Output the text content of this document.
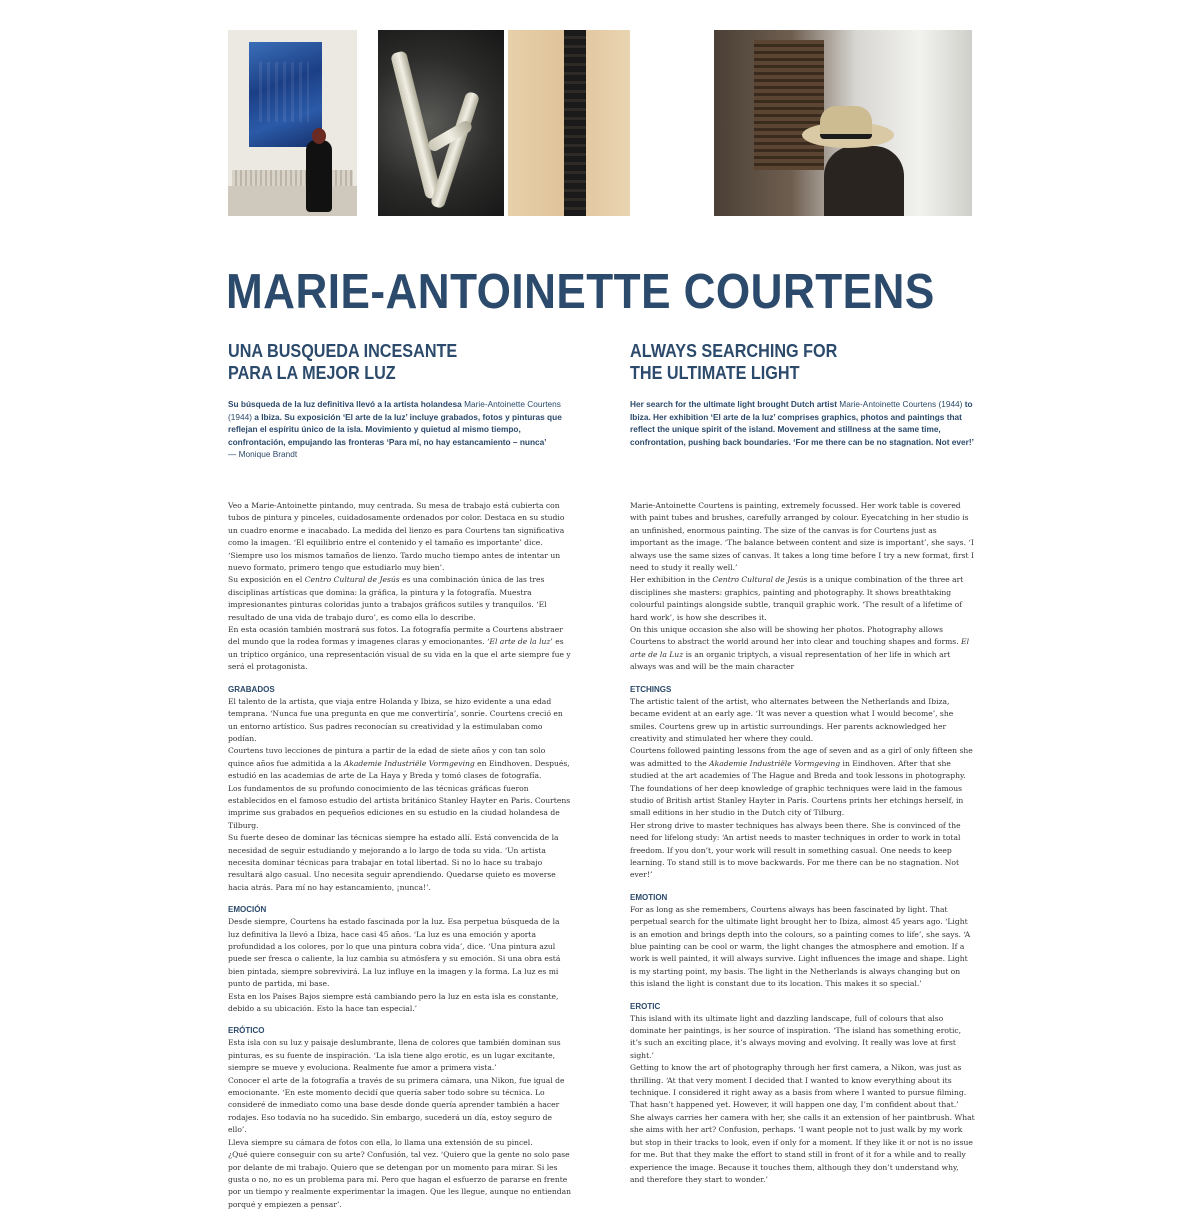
MARIE-ANTOINETTE COURTENS
UNA BUSQUEDA INCESANTE
PARA LA MEJOR LUZ

Su búsqueda de la luz definitiva llevó a la artista holandesa Marie-Antoinette Courtens (1944) a Ibiza. Su exposición ‘El arte de la luz’ incluye grabados, fotos y pinturas que reflejan el espíritu único de la isla. Movimiento y quietud al mismo tiempo, confrontación, empujando las fronteras ‘Para mí, no hay estancamiento – nunca’

— Monique Brandt

Veo a Marie-Antoinette pintando, muy centrada. Su mesa de trabajo está cubierta con tubos de pintura y pinceles, cuidadosamente ordenados por color. Destaca en su studio un cuadro enorme e inacabado. La medida del lienzo es para Courtens tan significativa como la imagen. ‘El equilibrio entre el contenido y el tamaño es importante’ dice. ‘Siempre uso los mismos tamaños de lienzo. Tardo mucho tiempo antes de intentar un nuevo formato, primero tengo que estudiarlo muy bien’.

Su exposición en el Centro Cultural de Jesús es una combinación única de las tres disciplinas artísticas que domina: la gráfica, la pintura y la fotografía. Muestra impresionantes pinturas coloridas junto a trabajos gráficos sutiles y tranquilos. ‘El resultado de una vida de trabajo duro’, es como ella lo describe.

En esta ocasión también mostrará sus fotos. La fotografía permite a Courtens abstraer del mundo que la rodea formas y imagenes claras y emocionantes. ‘El arte de la luz’ es un tríptico orgánico, una representación visual de su vida en la que el arte siempre fue y será el protagonista.

GRABADOS

El talento de la artista, que viaja entre Holanda y Ibiza, se hizo evidente a una edad temprana. ‘Nunca fue una pregunta en que me convertiría’, sonríe. Courtens creció en un entorno artístico. Sus padres reconocían su creatividad y la estimulaban como podían.

Courtens tuvo lecciones de pintura a partir de la edad de siete años y con tan solo quince años fue admitida a la Akademie Industriële Vormgeving en Eindhoven. Después, estudió en las academias de arte de La Haya y Breda y tomó clases de fotografía.

Los fundamentos de su profundo conocimiento de las técnicas gráficas fueron establecidos en el famoso estudio del artista británico Stanley Hayter en Paris. Courtens imprime sus grabados en pequeños ediciones en su estudio en la ciudad holandesa de Tilburg.

Su fuerte deseo de dominar las técnicas siempre ha estado allí. Está convencida de la necesidad de seguir estudiando y mejorando a lo largo de toda su vida. ‘Un artista necesita dominar técnicas para trabajar en total libertad. Si no lo hace su trabajo resultará algo casual. Uno necesita seguir aprendiendo. Quedarse quieto es moverse hacia atrás. Para mí no hay estancamiento, ¡nunca!’.

EMOCIÓN

Desde siempre, Courtens ha estado fascinada por la luz. Esa perpetua búsqueda de la luz definitiva la llevó a Ibiza, hace casi 45 años. ‘La luz es una emoción y aporta profundidad a los colores, por lo que una pintura cobra vida’, dice. ‘Una pintura azul puede ser fresca o caliente, la luz cambia su atmósfera y su emoción. Si una obra está bien pintada, siempre sobrevivirá. La luz influye en la imagen y la forma. La luz es mi punto de partida, mi base.

Esta en los Países Bajos siempre está cambiando pero la luz en esta isla es constante, debido a su ubicación. Esto la hace tan especial.’

ERÓTICO

Esta isla con su luz y paisaje deslumbrante, llena de colores que también dominan sus pinturas, es su fuente de inspiración. ‘La isla tiene algo erotic, es un lugar excitante, siempre se mueve y evoluciona. Realmente fue amor a primera vista.’

Conocer el arte de la fotografía a través de su primera cámara, una Nikon, fue igual de emocionante. ‘En este momento decidí que quería saber todo sobre su técnica. Lo consideré de inmediato como una base desde donde quería aprender también a hacer rodajes. Eso todavía no ha sucedido. Sin embargo, sucederá un día, estoy seguro de ello’.

Lleva siempre su cámara de fotos con ella, lo llama una extensión de su pincel.

¿Qué quiere conseguir con su arte? Confusión, tal vez. ‘Quiero que la gente no solo pase por delante de mi trabajo. Quiero que se detengan por un momento para mirar. Si les gusta o no, no es un problema para mí. Pero que hagan el esfuerzo de pararse en frente por un tiempo y realmente experimentar la imagen. Que les llegue, aunque no entiendan porqué y empiezen a pensar’.

ALWAYS SEARCHING FOR
THE ULTIMATE LIGHT

Her search for the ultimate light brought Dutch artist Marie-Antoinette Courtens (1944) to Ibiza. Her exhibition ‘El arte de la luz’ comprises graphics, photos and paintings that reflect the unique spirit of the island. Movement and stillness at the same time, confrontation, pushing back boundaries. ‘For me there can be no stagnation. Not ever!’

Marie-Antoinette Courtens is painting, extremely focussed. Her work table is covered with paint tubes and brushes, carefully arranged by colour. Eyecatching in her studio is an unfinished, enormous painting. The size of the canvas is for Courtens just as important as the image. ‘The balance between content and size is important’, she says. ‘I always use the same sizes of canvas. It takes a long time before I try a new format, first I need to study it really well.’

Her exhibition in the Centro Cultural de Jesús is a unique combination of the three art disciplines she masters: graphics, painting and photography. It shows breathtaking colourful paintings alongside subtle, tranquil graphic work. ‘The result of a lifetime of hard work’, is how she describes it.

On this unique occasion she also will be showing her photos. Photography allows Courtens to abstract the world around her into clear and touching shapes and forms. El arte de la Luz is an organic triptych, a visual representation of her life in which art always was and will be the main character

ETCHINGS

The artistic talent of the artist, who alternates between the Netherlands and Ibiza, became evident at an early age. ‘It was never a question what I would become’, she smiles. Courtens grew up in artistic surroundings. Her parents acknowledged her creativity and stimulated her where they could.

Courtens followed painting lessons from the age of seven and as a girl of only fifteen she was admitted to the Akademie Industriële Vormgeving in Eindhoven. After that she studied at the art academies of The Hague and Breda and took lessons in photography.

The foundations of her deep knowledge of graphic techniques were laid in the famous studio of British artist Stanley Hayter in Paris. Courtens prints her etchings herself, in small editions in her studio in the Dutch city of Tilburg.

Her strong drive to master techniques has always been there. She is convinced of the need for lifelong study: ‘An artist needs to master techniques in order to work in total freedom. If you don’t, your work will result in something casual. One needs to keep learning. To stand still is to move backwards. For me there can be no stagnation. Not ever!’

EMOTION

For as long as she remembers, Courtens always has been fascinated by light. That perpetual search for the ultimate light brought her to Ibiza, almost 45 years ago. ‘Light is an emotion and brings depth into the colours, so a painting comes to life’, she says. ‘A blue painting can be cool or warm, the light changes the atmosphere and emotion. If a work is well painted, it will always survive. Light influences the image and shape. Light is my starting point, my basis. The light in the Netherlands is always changing but on this island the light is constant due to its location. This makes it so special.’

EROTIC

This island with its ultimate light and dazzling landscape, full of colours that also dominate her paintings, is her source of inspiration. ‘The island has something erotic, it’s such an exciting place, it’s always moving and evolving. It really was love at first sight.’

Getting to know the art of photography through her first camera, a Nikon, was just as thrilling. ‘At that very moment I decided that I wanted to know everything about its technique. I considered it right away as a basis from where I wanted to pursue filming. That hasn’t happened yet. However, it will happen one day, I’m confident about that.’

She always carries her camera with her, she calls it an extension of her paintbrush. What she aims with her art? Confusion, perhaps. ‘I want people not to just walk by my work but stop in their tracks to look, even if only for a moment. If they like it or not is no issue for me. But that they make the effort to stand still in front of it for a while and to really experience the image. Because it touches them, although they don’t understand why, and therefore they start to wonder.’
